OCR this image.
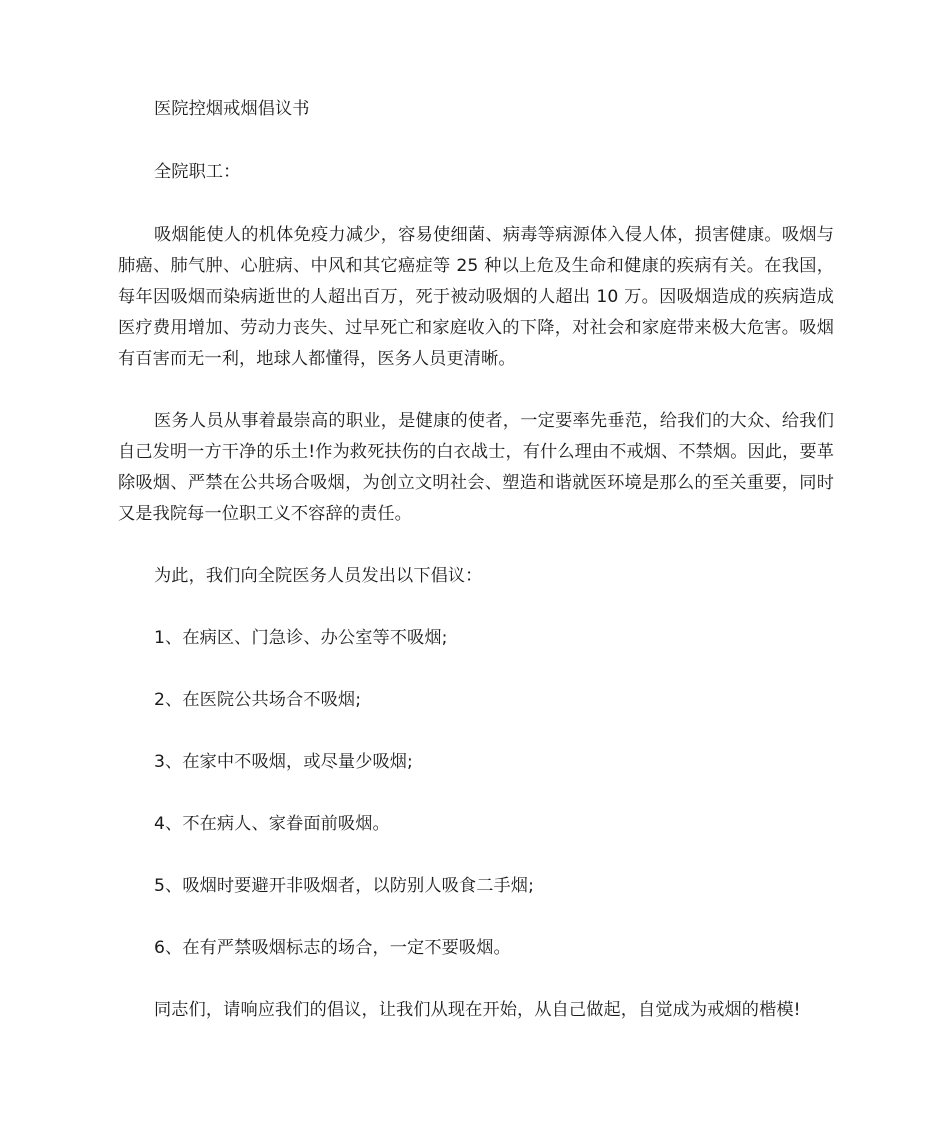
医院控烟戒烟倡议书

全院职工：

吸烟能使人的机体免疫力减少，容易使细菌、病毒等病源体入侵人体，损害健康。吸烟与肺癌、肺气肿、心脏病、中风和其它癌症等 25 种以上危及生命和健康的疾病有关。在我国，每年因吸烟而染病逝世的人超出百万，死于被动吸烟的人超出 10 万。因吸烟造成的疾病造成医疗费用增加、劳动力丧失、过早死亡和家庭收入的下降，对社会和家庭带来极大危害。吸烟有百害而无一利，地球人都懂得，医务人员更清晰。

医务人员从事着最崇高的职业，是健康的使者，一定要率先垂范，给我们的大众、给我们自己发明一方干净的乐土!作为救死扶伤的白衣战士，有什么理由不戒烟、不禁烟。因此，要革除吸烟、严禁在公共场合吸烟，为创立文明社会、塑造和谐就医环境是那么的至关重要，同时又是我院每一位职工义不容辞的责任。

为此，我们向全院医务人员发出以下倡议：

1、在病区、门急诊、办公室等不吸烟;

2、在医院公共场合不吸烟;

3、在家中不吸烟，或尽量少吸烟;

4、不在病人、家眷面前吸烟。

5、吸烟时要避开非吸烟者，以防别人吸食二手烟;

6、在有严禁吸烟标志的场合，一定不要吸烟。

同志们，请响应我们的倡议，让我们从现在开始，从自己做起，自觉成为戒烟的楷模!
